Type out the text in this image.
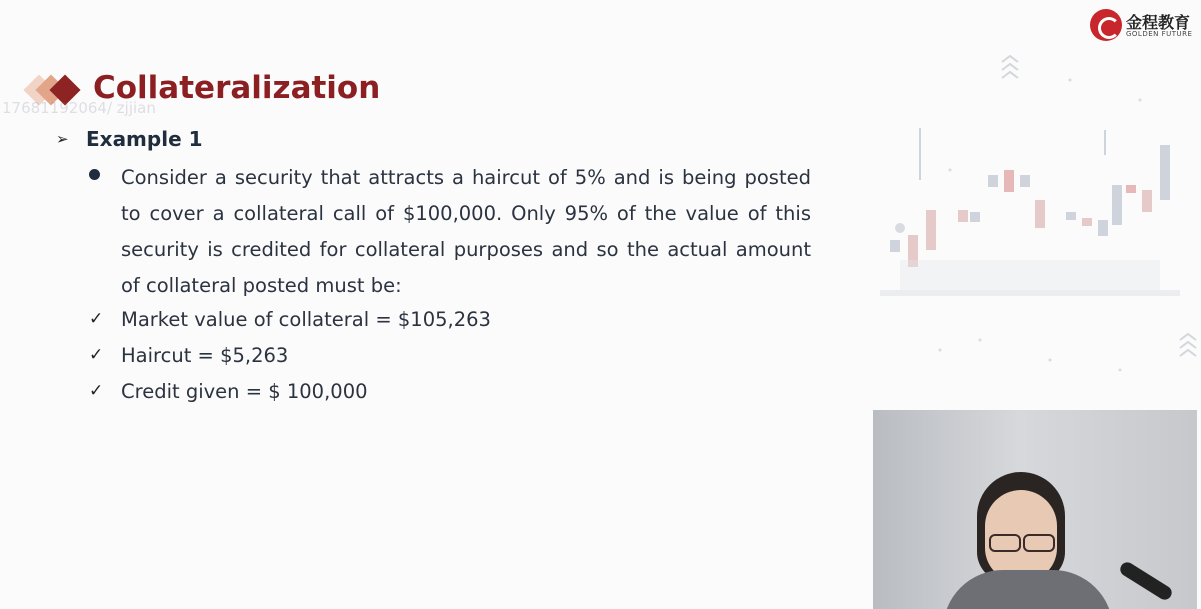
金程教育
GOLDEN FUTURE
Collateralization
17681192064/ zjjian
➢ Example 1
Consider a security that attracts a haircut of 5% and is being posted to cover a collateral call of $100,000. Only 95% of the value of this security is credited for collateral purposes and so the actual amount of collateral posted must be:
✓ Market value of collateral = $105,263
✓ Haircut = $5,263
✓ Credit given = $ 100,000
